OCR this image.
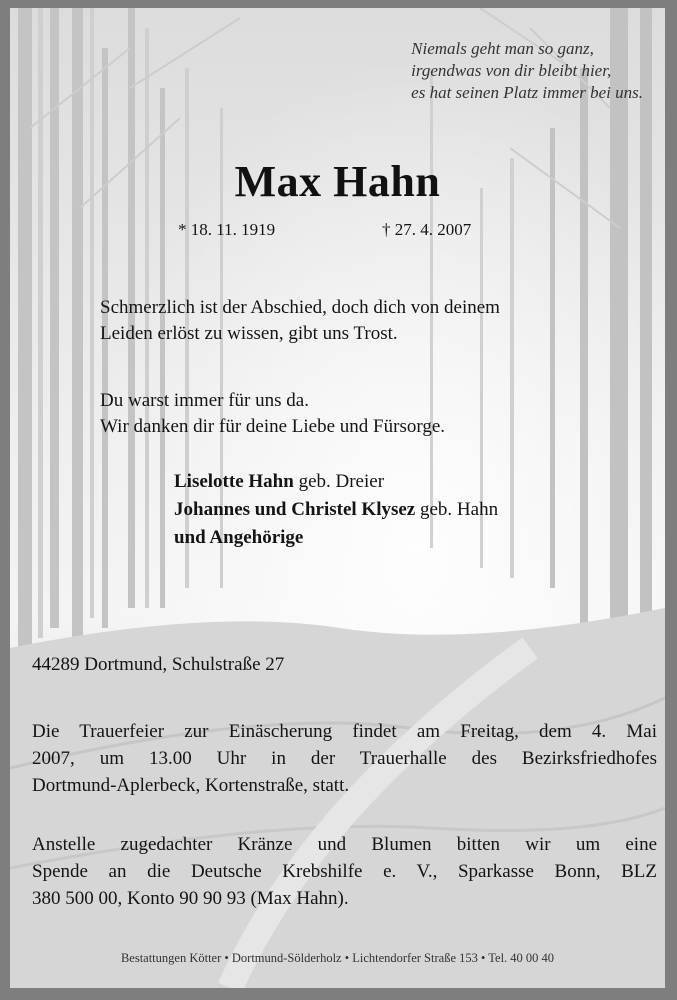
Niemals geht man so ganz,
irgendwas von dir bleibt hier,
es hat seinen Platz immer bei uns.
Max Hahn
* 18. 11. 1919	† 27. 4. 2007
Schmerzlich ist der Abschied, doch dich von deinem
Leiden erlöst zu wissen, gibt uns Trost.
Du warst immer für uns da.
Wir danken dir für deine Liebe und Fürsorge.
Liselotte Hahn geb. Dreier
Johannes und Christel Klysez geb. Hahn
und Angehörige
44289 Dortmund, Schulstraße 27
Die Trauerfeier zur Einäscherung findet am Freitag, dem 4. Mai
2007, um 13.00 Uhr in der Trauerhalle des Bezirksfriedhofes
Dortmund-Aplerbeck, Kortenstraße, statt.
Anstelle zugedachter Kränze und Blumen bitten wir um eine
Spende an die Deutsche Krebshilfe e. V., Sparkasse Bonn, BLZ
380 500 00, Konto 90 90 93 (Max Hahn).
Bestattungen Kötter • Dortmund-Sölderholz • Lichtendorfer Straße 153 • Tel. 40 00 40
